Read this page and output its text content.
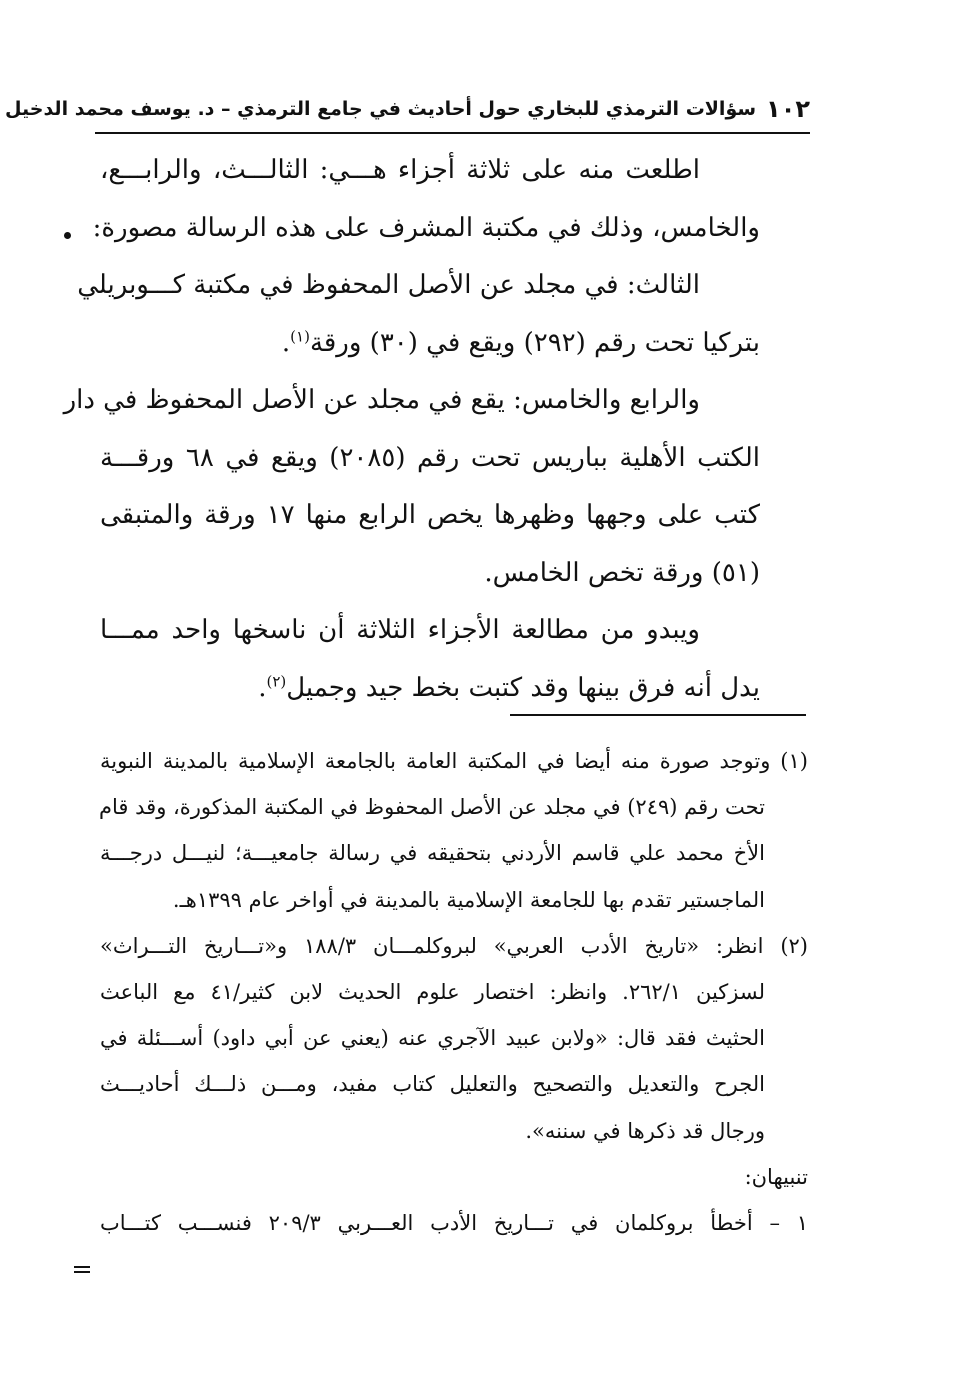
١٠٢
سؤالات الترمذي للبخاري حول أحاديث في جامع الترمذي – د. يوسف محمد الدخيل

اطلعت منه على ثلاثة أجزاء هـــي: الثالـــث، والرابـــع،
والخامس، وذلك في مكتبة المشرف على هذه الرسالة مصورة:

الثالث: في مجلد عن الأصل المحفوظ في مكتبة كـــوبريلي
بتركيا تحت رقم (٢٩٢) ويقع في (٣٠) ورقة$^{(١)}$.

والرابع والخامس: يقع في مجلد عن الأصل المحفوظ في دار
الكتب الأهلية بباريس تحت رقم (٢٠٨٥) ويقع في ٦٨ ورقـــة
كتب على وجهها وظهرها يخص الرابع منها ١٧ ورقة والمتبقى
(٥١) ورقة تخص الخامس.

ويبدو من مطالعة الأجزاء الثلاثة أن ناسخها واحد ممـــا
يدل أنه فرق بينها وقد كتبت بخط جيد وجميل$^{(٢)}$.

(١) وتوجد صورة منه أيضا في المكتبة العامة بالجامعة الإسلامية بالمدينة النبوية
تحت رقم (٢٤٩) في مجلد عن الأصل المحفوظ في المكتبة المذكورة، وقد قام
الأخ محمد علي قاسم الأردني بتحقيقه في رسالة جامعيـــة؛ لنيـــل درجـــة
الماجستير تقدم بها للجامعة الإسلامية بالمدينة في أواخر عام ١٣٩٩هـ.

(٢) انظر: «تاريخ الأدب العربي» لبروكلمـــان ١٨٨/٣ و«تـــاريخ التـــراث»
لسزكين ٢٦٢/١. وانظر: اختصار علوم الحديث لابن كثير/٤١ مع الباعث
الحثيث فقد قال: «ولابن عبيد الآجري عنه (يعني عن أبي داود) أســـئلة في
الجرح والتعديل والتصحيح والتعليل كتاب مفيد، ومـــن ذلـــك أحاديـــث
ورجال قد ذكرها في سننه».

تنبيهان:
١ – أخطأ بروكلمان في تـــاريخ الأدب العـــربي ٢٠٩/٣ فنســـب كتـــاب
